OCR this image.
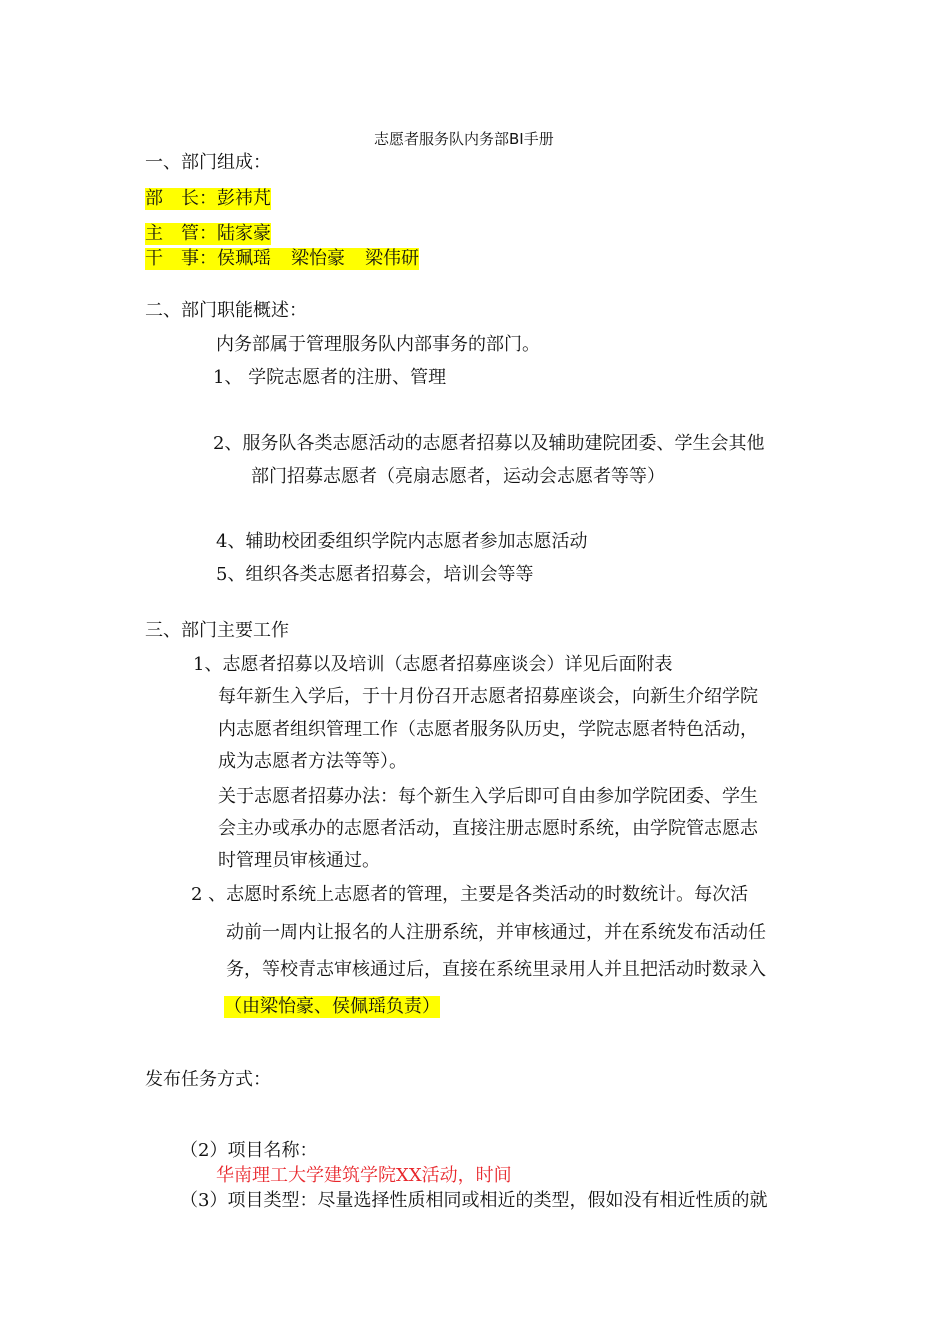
志愿者服务队内务部BI手册
一、部门组成：
部　长：彭祎芃
主　管：陆家豪
干　事：侯珮瑶 梁怡豪 梁伟研
二、部门职能概述：
内务部属于管理服务队内部事务的部门。
1、 学院志愿者的注册、管理
2、服务队各类志愿活动的志愿者招募以及辅助建院团委、学生会其他
部门招募志愿者（亮扇志愿者，运动会志愿者等等）
4、辅助校团委组织学院内志愿者参加志愿活动
5、组织各类志愿者招募会，培训会等等
三、部门主要工作
1、志愿者招募以及培训（志愿者招募座谈会）详见后面附表
每年新生入学后，于十月份召开志愿者招募座谈会，向新生介绍学院
内志愿者组织管理工作（志愿者服务队历史，学院志愿者特色活动，
成为志愿者方法等等）。
关于志愿者招募办法：每个新生入学后即可自由参加学院团委、学生
会主办或承办的志愿者活动，直接注册志愿时系统，由学院管志愿志
时管理员审核通过。
2 、志愿时系统上志愿者的管理，主要是各类活动的时数统计。每次活
动前一周内让报名的人注册系统，并审核通过，并在系统发布活动任
务，等校青志审核通过后，直接在系统里录用人并且把活动时数录入
（由梁怡豪、侯佩瑶负责）
发布任务方式：
（2）项目名称：
华南理工大学建筑学院XX活动，时间
（3）项目类型：尽量选择性质相同或相近的类型，假如没有相近性质的就
